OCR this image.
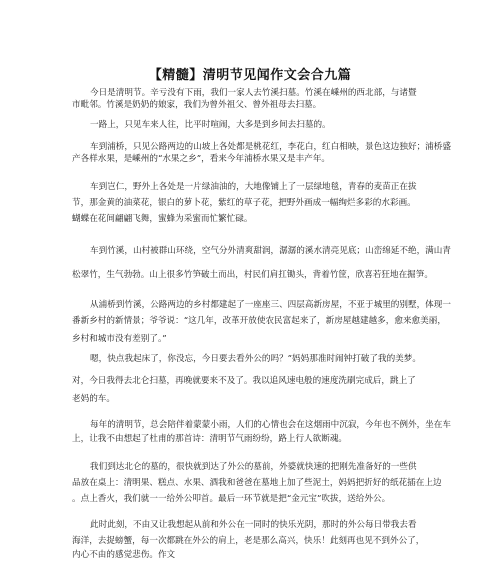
【精髓】清明节见闻作文会合九篇
今日是清明节。辛亏没有下雨，我们一家人去竹溪扫墓。竹溪在嵊州的西北部，与诸暨
市毗邻。竹溪是奶奶的娘家，我们为曾外祖父、曾外祖母去扫墓。
一路上，只见车来人往，比平时喧闹，大多是到乡间去扫墓的。
车到浦桥，只见公路两边的山坡上各处都是桃花红，李花白，红白相映，景色这边独好；浦桥盛
产各样水果，是嵊州的“水果之乡”，看来今年浦桥水果又是丰产年。
车到岂仁，野外上各处是一片绿油油的，大地像铺上了一层绿地毯，青春的麦苗正在拔
节，那金黄的油菜花，银白的萝卜花，紫红的草子花，把野外画成一幅绚烂多彩的水彩画。
蝴蝶在花间翩翩飞舞，蜜蜂为采蜜而忙繁忙碌。
车到竹溪，山村被群山环绕，空气分外清爽甜润，潺潺的溪水清亮见底；山峦绵延不绝，满山青
松翠竹，生气勃勃。山上很多竹笋破土而出，村民们肩扛锄头，背着竹筐，欣喜若狂地在掘笋。
从浦桥到竹溪，公路两边的乡村都建起了一座座三、四层高新房屋，不亚于城里的别墅，体现一
番新乡村的新情景；爷爷说：“这几年，改革开放使农民富起来了，新房屋越建越多，愈来愈美丽，
乡村和城市没有差别了。”
嗯，快点我起床了，你没忘，今日要去看外公的吗？”妈妈那准时闹钟打破了我的美梦。
对，今日我得去北仑扫墓，再晚就要来不及了。我以追风速电般的速度洗刷完成后，跳上了
老妈的车。
每年的清明节，总会陪伴着蒙蒙小雨，人们的心情也会在这烟雨中沉寂，今年也不例外，坐在车
上，让我不由想起了杜甫的那首诗：清明节气雨纷纷，路上行人欲断魂。
我们到达北仑的墓的，很快就到达了外公的墓前，外婆就快速的把刚先准备好的一些供
品放在桌上：清明果、糕点、水果、酒我和爸爸在墓地上加了些泥土，妈妈把折好的纸花插在上边
。点上香火，我们就一一给外公叩首。最后一环节就是把“金元宝”吹拔，送给外公。
此时此刻，不由又让我想起从前和外公在一同时的快乐光阴，那时的外公每日带我去看
海洋，去捉螃蟹，每一次都跳在外公的肩上，老是那么高兴，快乐！此刻再也见不到外公了，
内心不由的感觉悲伤。作文
